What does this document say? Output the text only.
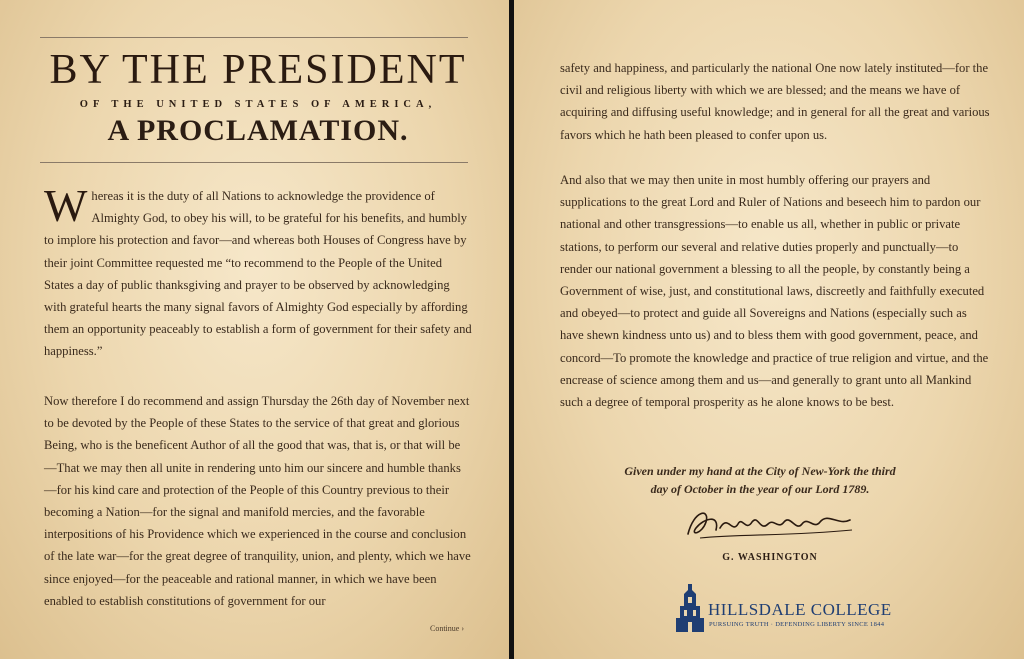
BY THE PRESIDENT
OF THE UNITED STATES OF AMERICA,
A PROCLAMATION.
Whereas it is the duty of all Nations to acknowledge the providence of Almighty God, to obey his will, to be grateful for his benefits, and humbly to implore his protection and favor—and whereas both Houses of Congress have by their joint Committee requested me “to recommend to the People of the United States a day of public thanksgiving and prayer to be observed by acknowledging with grateful hearts the many signal favors of Almighty God especially by affording them an opportunity peaceably to establish a form of government for their safety and happiness.”
Now therefore I do recommend and assign Thursday the 26th day of November next to be devoted by the People of these States to the service of that great and glorious Being, who is the beneficent Author of all the good that was, that is, or that will be—That we may then all unite in rendering unto him our sincere and humble thanks—for his kind care and protection of the People of this Country previous to their becoming a Nation—for the signal and manifold mercies, and the favorable interpositions of his Providence which we experienced in the course and conclusion of the late war—for the great degree of tranquility, union, and plenty, which we have since enjoyed—for the peaceable and rational manner, in which we have been enabled to establish constitutions of government for our
Continue ›
safety and happiness, and particularly the national One now lately instituted—for the civil and religious liberty with which we are blessed; and the means we have of acquiring and diffusing useful knowledge; and in general for all the great and various favors which he hath been pleased to confer upon us.
And also that we may then unite in most humbly offering our prayers and supplications to the great Lord and Ruler of Nations and beseech him to pardon our national and other transgressions—to enable us all, whether in public or private stations, to perform our several and relative duties properly and punctually—to render our national government a blessing to all the people, by constantly being a Government of wise, just, and constitutional laws, discreetly and faithfully executed and obeyed—to protect and guide all Sovereigns and Nations (especially such as have shewn kindness unto us) and to bless them with good government, peace, and concord—To promote the knowledge and practice of true religion and virtue, and the encrease of science among them and us—and generally to grant unto all Mankind such a degree of temporal prosperity as he alone knows to be best.
Given under my hand at the City of New-York the third
day of October in the year of our Lord 1789.
G. WASHINGTON
HILLSDALE COLLEGE
PURSUING TRUTH · DEFENDING LIBERTY SINCE 1844
